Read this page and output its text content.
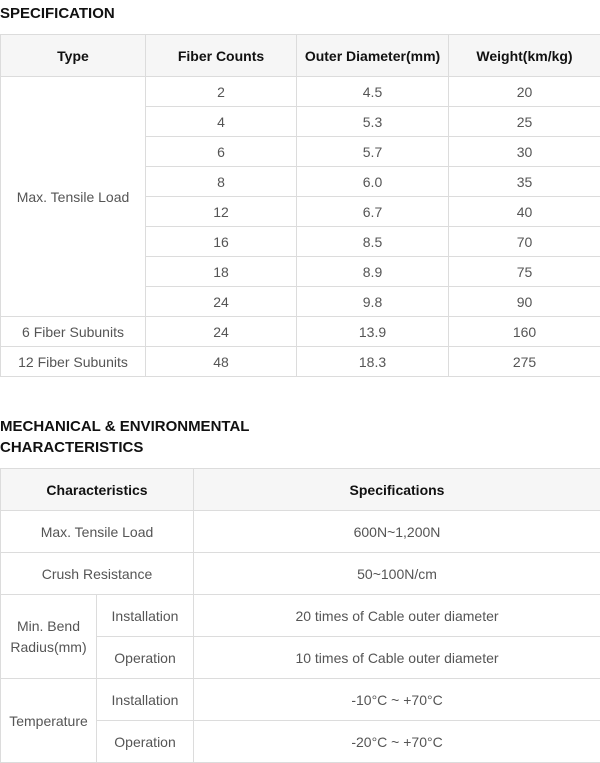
SPECIFICATION
Type	Fiber Counts	Outer Diameter(mm)	Weight(km/kg)
Max. Tensile Load	2	4.5	20
	4	5.3	25
	6	5.7	30
	8	6.0	35
	12	6.7	40
	16	8.5	70
	18	8.9	75
	24	9.8	90
6 Fiber Subunits	24	13.9	160
12 Fiber Subunits	48	18.3	275
MECHANICAL & ENVIRONMENTAL
CHARACTERISTICS
Characteristics		Specifications
Max. Tensile Load		600N~1,200N
Crush Resistance		50~100N/cm
Min. Bend
Radius(mm)	Installation	20 times of Cable outer diameter
	Operation	10 times of Cable outer diameter
Temperature	Installation	-10°C ~ +70°C
	Operation	-20°C ~ +70°C
